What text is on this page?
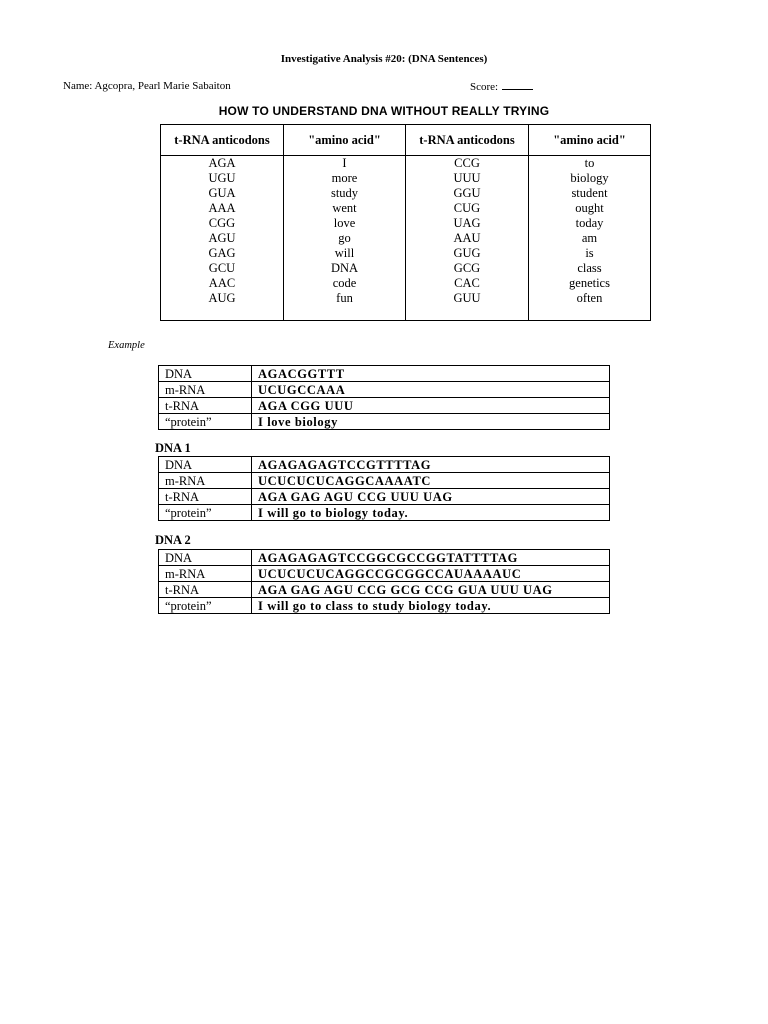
Investigative Analysis #20: (DNA Sentences)
Name: Agcopra, Pearl Marie Sabaiton	Score:
HOW TO UNDERSTAND DNA WITHOUT REALLY TRYING
t-RNA anticodons	"amino acid"	t-RNA anticodons	"amino acid"
AGA	I	CCG	to
UGU	more	UUU	biology
GUA	study	GGU	student
AAA	went	CUG	ought
CGG	love	UAG	today
AGU	go	AAU	am
GAG	will	GUG	is
GCU	DNA	GCG	class
AAC	code	CAC	genetics
AUG	fun	GUU	often

Example
DNA	AGACGGTTT
m-RNA	UCUGCCAAA
t-RNA	AGA CGG UUU
“protein”	I love biology
DNA 1
DNA	AGAGAGAGTCCGTTTTAG
m-RNA	UCUCUCUCAGGCAAAATC
t-RNA	AGA GAG AGU CCG UUU UAG
“protein”	I will go to biology today.
DNA 2
DNA	AGAGAGAGTCCGGCGCCGGTATTTTAG
m-RNA	UCUCUCUCAGGCCGCGGCCAUAAAAUC
t-RNA	AGA GAG AGU CCG GCG CCG GUA UUU UAG
“protein”	I will go to class to study biology today.
